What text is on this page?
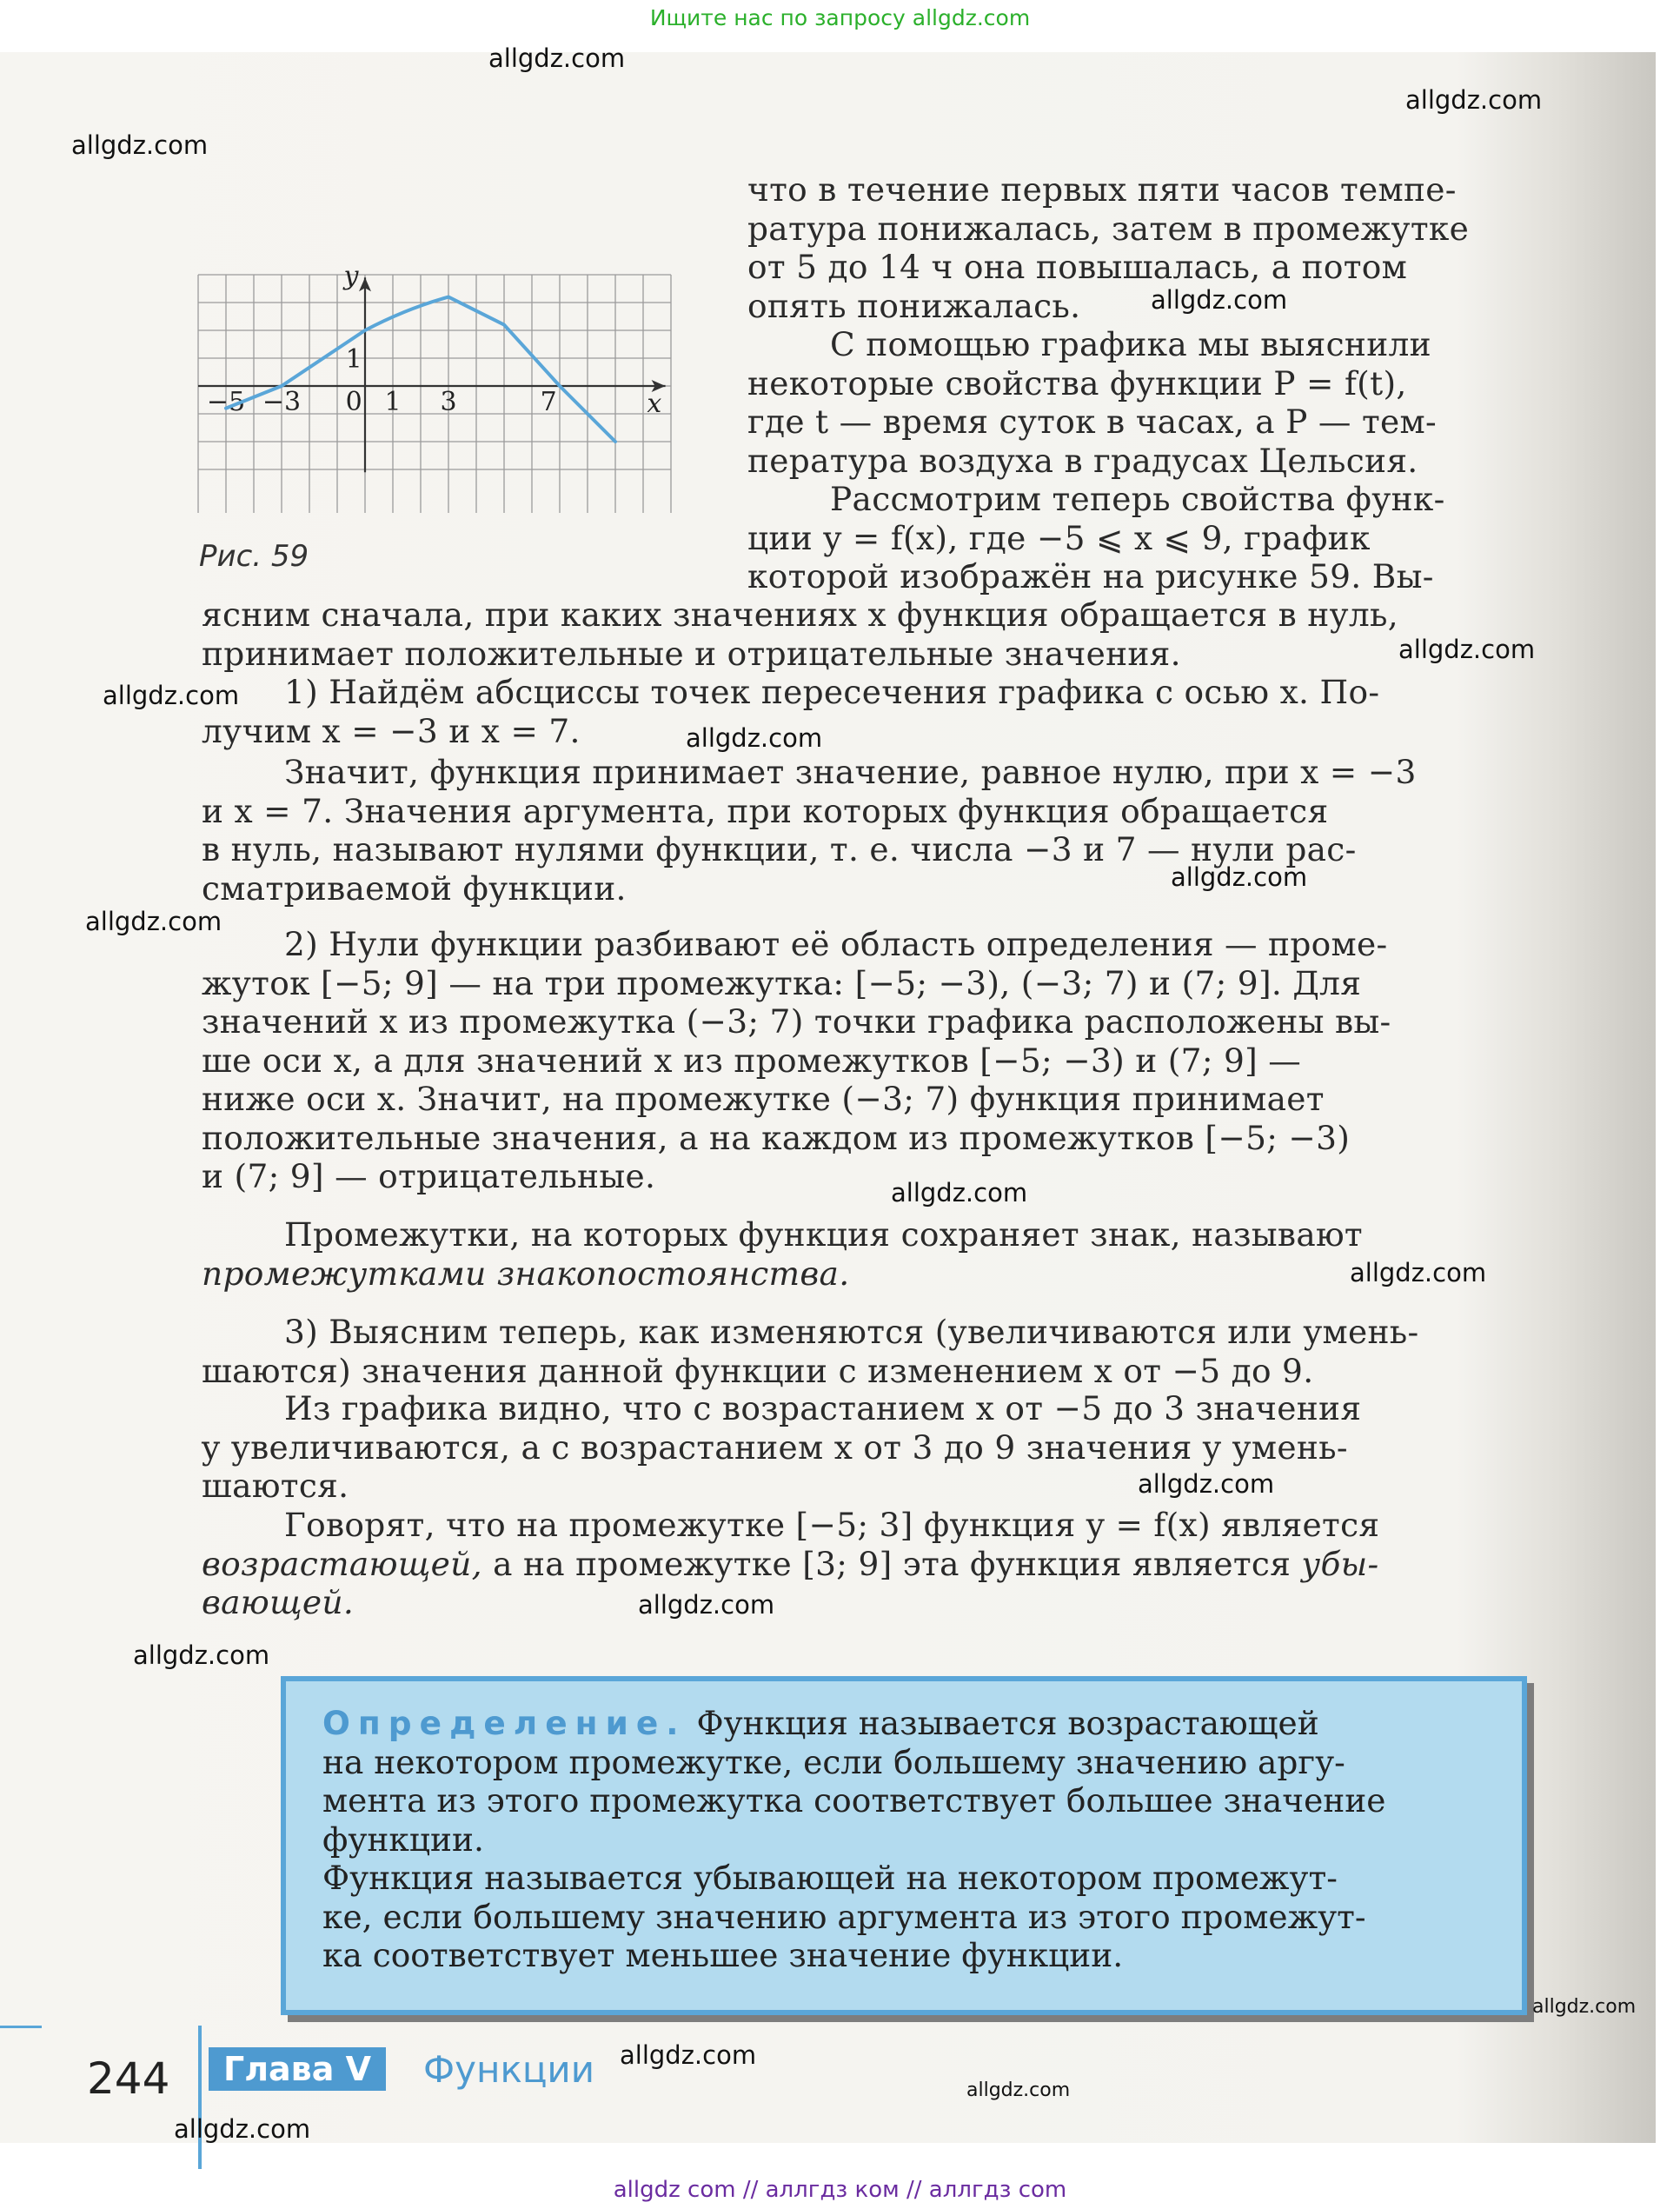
Ищите нас по запросу allgdz.com
−5 −3 0 1 3	7
1
x
y
Рис. 59
что в течение первых пяти часов темпе-
ратура понижалась, затем в промежутке
от 5 до 14 ч она повышалась, а потом
опять понижалась.
С помощью графика мы выяснили
некоторые свойства функции P = f(t),
где t — время суток в часах, а P — тем-
пература воздуха в градусах Цельсия.
Рассмотрим теперь свойства функ-
ции y = f(x), где −5 ⩽ x ⩽ 9, график
которой изображён на рисунке 59. Вы-
ясним сначала, при каких значениях x функция обращается в нуль,
принимает положительные и отрицательные значения.
1) Найдём абсциссы точек пересечения графика с осью x. По-
лучим x = −3 и x = 7.
Значит, функция принимает значение, равное нулю, при x = −3
и x = 7. Значения аргумента, при которых функция обращается
в нуль, называют нулями функции, т. е. числа −3 и 7 — нули рас-
сматриваемой функции.
2) Нули функции разбивают её область определения — проме-
жуток [−5; 9] — на три промежутка: [−5; −3), (−3; 7) и (7; 9]. Для
значений x из промежутка (−3; 7) точки графика расположены вы-
ше оси x, а для значений x из промежутков [−5; −3) и (7; 9] —
ниже оси x. Значит, на промежутке (−3; 7) функция принимает
положительные значения, а на каждом из промежутков [−5; −3)
и (7; 9] — отрицательные.
Промежутки, на которых функция сохраняет знак, называют
промежутками знакопостоянства.
3) Выясним теперь, как изменяются (увеличиваются или умень-
шаются) значения данной функции с изменением x от −5 до 9.
Из графика видно, что с возрастанием x от −5 до 3 значения
y увеличиваются, а с возрастанием x от 3 до 9 значения y умень-
шаются.
Говорят, что на промежутке [−5; 3] функция y = f(x) является
возрастающей, а на промежутке [3; 9] эта функция является убы-
вающей.
Определение. Функция называется возрастающей
на некотором промежутке, если большему значению аргу-
мента из этого промежутка соответствует большее значение
функции.
Функция называется убывающей на некотором промежут-
ке, если большему значению аргумента из этого промежут-
ка соответствует меньшее значение функции.
244	Глава V	Функции
allgdz.com
allgdz.com
allgdz.com
allgdz.com
allgdz.com
allgdz.com
allgdz.com
allgdz.com
allgdz.com
allgdz.com
allgdz.com
allgdz.com
allgdz.com
allgdz.com
allgdz.com
allgdz.com
allgdz.com
allgdz.com
allgdz com // аллгдз ком // аллгдз com
